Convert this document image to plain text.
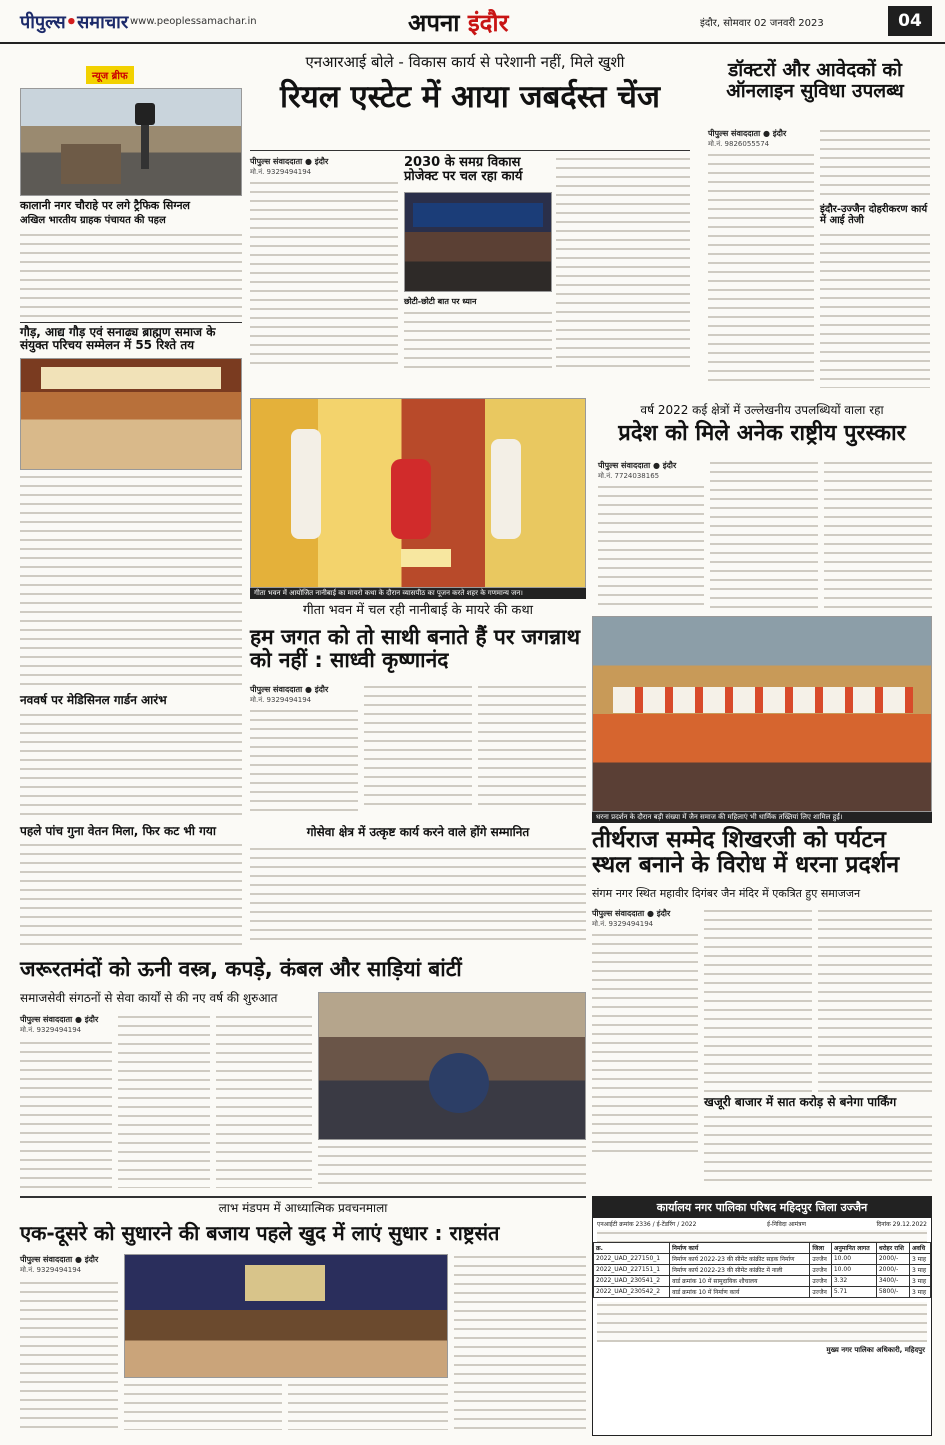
पीपुल्स•समाचार www.peoplessamachar.in	अपना इंदौर	इंदौर, सोमवार 02 जनवरी 2023	04
न्यूज ब्रीफ
कालानी नगर चौराहे पर लगे ट्रैफिक सिग्नल
अखिल भारतीय ग्राहक पंचायत की पहल
गौड़, आद्य गौड़ एवं सनाढ्य ब्राह्मण समाज के संयुक्त परिचय सम्मेलन में 55 रिश्ते तय
नववर्ष पर मेडिसिनल गार्डन आरंभ
पहले पांच गुना वेतन मिला, फिर कट भी गया
एनआरआई बोले - विकास कार्य से परेशानी नहीं, मिले खुशी
रियल एस्टेट में आया जबर्दस्त चेंज
पीपुल्स संवाददाता ● इंदौर
मो.नं. 9329494194
2030 के समग्र विकास प्रोजेक्ट पर चल रहा कार्य
छोटी-छोटी बात पर ध्यान
डॉक्टरों और आवेदकों को ऑनलाइन सुविधा उपलब्ध
पीपुल्स संवाददाता ● इंदौर
मो.नं. 9826055574
इंदौर-उज्जैन दोहरीकरण कार्य में आई तेजी
गीता भवन में आयोजित नानीबाई का मायरो कथा के दौरान व्यासपीठ का पूजन करते शहर के गणमान्य जन।
वर्ष 2022 कई क्षेत्रों में उल्लेखनीय उपलब्धियों वाला रहा
प्रदेश को मिले अनेक राष्ट्रीय पुरस्कार
पीपुल्स संवाददाता ● इंदौर
मो.नं. 7724038165
गीता भवन में चल रही नानीबाई के मायरे की कथा
हम जगत को तो साथी बनाते हैं पर जगन्नाथ को नहीं : साध्वी कृष्णानंद
पीपुल्स संवाददाता ● इंदौर
मो.नं. 9329494194
धरना प्रदर्शन के दौरान बड़ी संख्या में जैन समाज की महिलाएं भी धार्मिक तख्तियां लिए शामिल हुईं।
गोसेवा क्षेत्र में उत्कृष्ट कार्य करने वाले होंगे सम्मानित	तीर्थराज सम्मेद शिखरजी को पर्यटन स्थल बनाने के विरोध में धरना प्रदर्शन
संगम नगर स्थित महावीर दिगंबर जैन मंदिर में एकत्रित हुए समाजजन
पीपुल्स संवाददाता ● इंदौर
मो.नं. 9329494194
खजूरी बाजार में सात करोड़ से बनेगा पार्किंग
जरूरतमंदों को ऊनी वस्त्र, कपड़े, कंबल और साड़ियां बांटीं
समाजसेवी संगठनों से सेवा कार्यों से की नए वर्ष की शुरुआत
पीपुल्स संवाददाता ● इंदौर
मो.नं. 9329494194
लाभ मंडपम में आध्यात्मिक प्रवचनमाला
एक-दूसरे को सुधारने की बजाय पहले खुद में लाएं सुधार : राष्ट्रसंत
पीपुल्स संवाददाता ● इंदौर
मो.नं. 9329494194
कार्यालय नगर पालिका परिषद महिदपुर जिला उज्जैन
एनआईटी क्रमांक 2336 / ई-टेंडरिंग / 2022	ई-निविदा आमंत्रण	दिनांक 29.12.2022
क्र.	निर्माण कार्य	जिला	अनुमानित लागत	धरोहर राशि	अवधि
2022_UAD_227150_1	निर्माण कार्य 2022-23 की सीमेंट कांक्रीट सड़क निर्माण	उज्जैन	10.00	2000/-	3 माह
2022_UAD_227151_1	निर्माण कार्य 2022-23 की सीमेंट कांक्रीट में नाली	उज्जैन	10.00	2000/-	3 माह
2022_UAD_230541_2	वार्ड क्रमांक 10 में सामुदायिक शौचालय	उज्जैन	3.32	3400/-	3 माह
2022_UAD_230542_2	वार्ड क्रमांक 10 में निर्माण कार्य	उज्जैन	5.71	5800/-	3 माह
मुख्य नगर पालिका अधिकारी, महिदपुर
